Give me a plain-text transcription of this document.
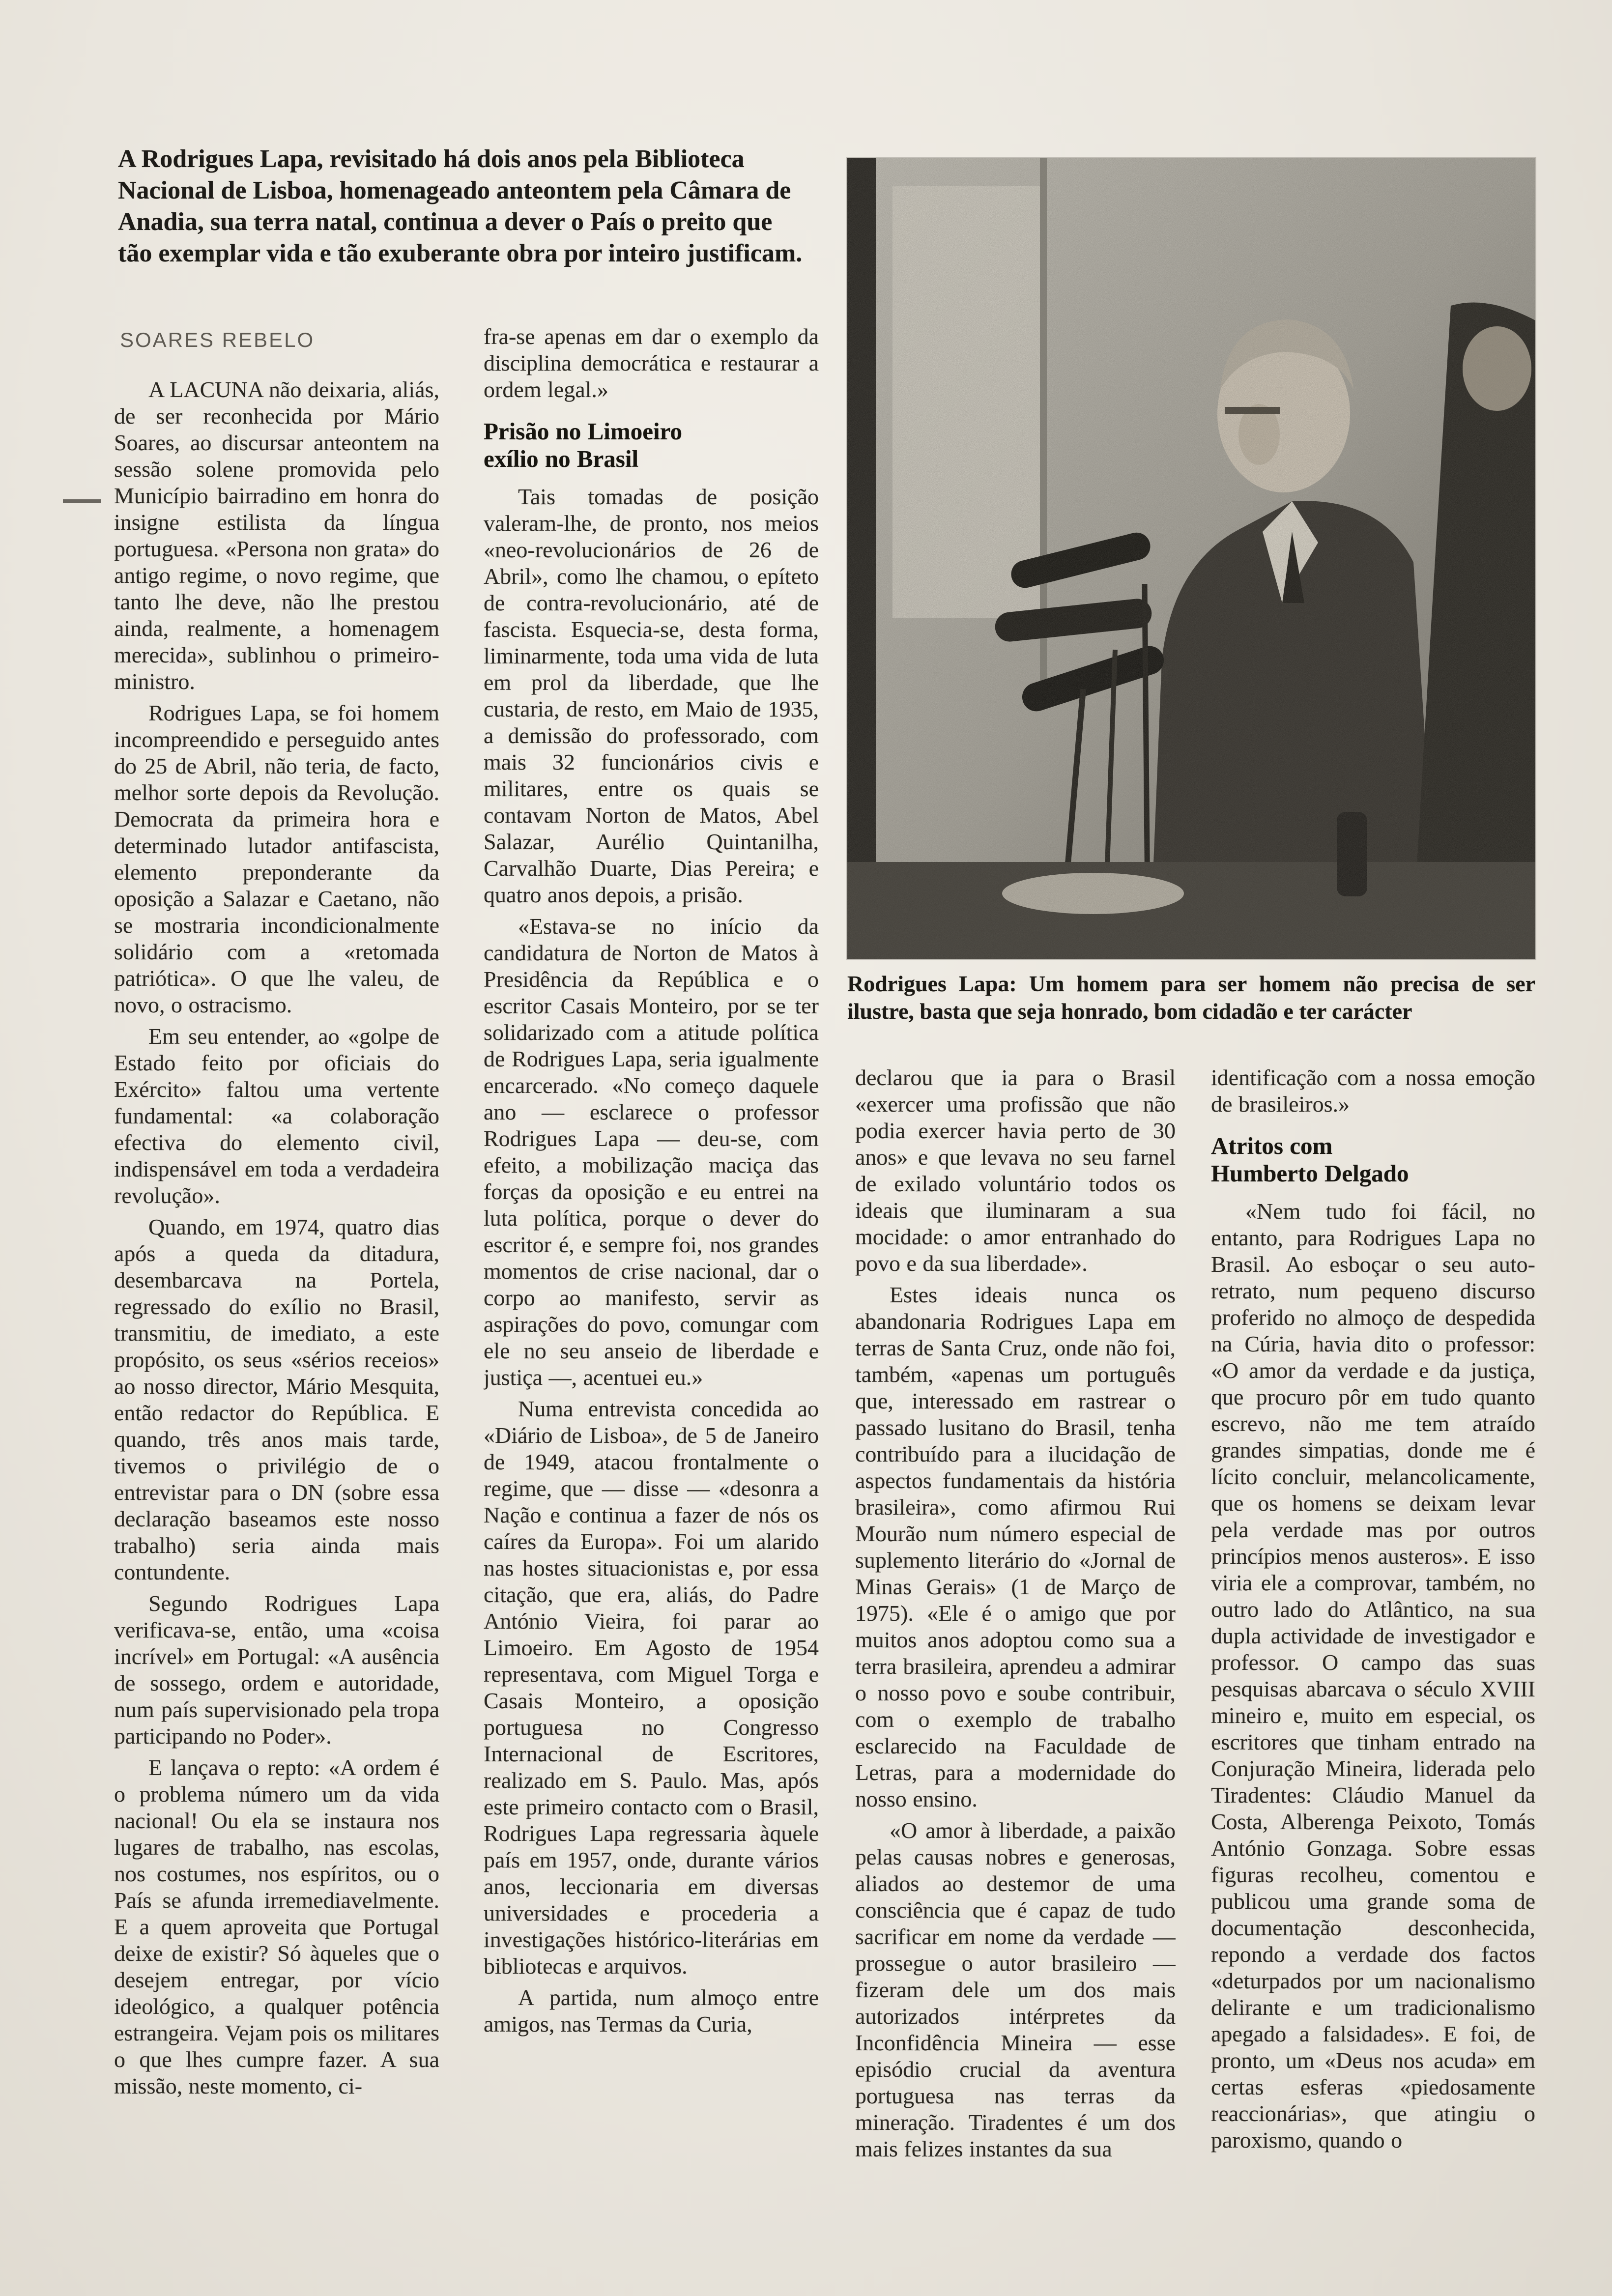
A Rodrigues Lapa, revisitado há dois anos pela Biblioteca Nacional de Lisboa, homenageado anteontem pela Câmara de Anadia, sua terra natal, continua a dever o País o preito que tão exemplar vida e tão exuberante obra por inteiro justificam.

SOARES REBELO

A LACUNA não deixaria, aliás, de ser reconhecida por Mário Soares, ao discursar anteontem na sessão solene promovida pelo Município bairradino em honra do insigne estilista da língua portuguesa. «Persona non grata» do antigo regime, o novo regime, que tanto lhe deve, não lhe prestou ainda, realmente, a homenagem merecida», sublinhou o primeiro-ministro.

Rodrigues Lapa, se foi homem incompreendido e perseguido antes do 25 de Abril, não teria, de facto, melhor sorte depois da Revolução. Democrata da primeira hora e determinado lutador antifascista, elemento preponderante da oposição a Salazar e Caetano, não se mostraria incondicionalmente solidário com a «retomada patriótica». O que lhe valeu, de novo, o ostracismo.

Em seu entender, ao «golpe de Estado feito por oficiais do Exército» faltou uma vertente fundamental: «a colaboração efectiva do elemento civil, indispensável em toda a verdadeira revolução».

Quando, em 1974, quatro dias após a queda da ditadura, desembarcava na Portela, regressado do exílio no Brasil, transmitiu, de imediato, a este propósito, os seus «sérios receios» ao nosso director, Mário Mesquita, então redactor do República. E quando, três anos mais tarde, tivemos o privilégio de o entrevistar para o DN (sobre essa declaração baseamos este nosso trabalho) seria ainda mais contundente.

Segundo Rodrigues Lapa verificava-se, então, uma «coisa incrível» em Portugal: «A ausência de sossego, ordem e autoridade, num país supervisionado pela tropa participando no Poder».

E lançava o repto: «A ordem é o problema número um da vida nacional! Ou ela se instaura nos lugares de trabalho, nas escolas, nos costumes, nos espíritos, ou o País se afunda irremediavelmente. E a quem aproveita que Portugal deixe de existir? Só àqueles que o desejem entregar, por vício ideológico, a qualquer potência estrangeira. Vejam pois os militares o que lhes cumpre fazer. A sua missão, neste momento, ci-

fra-se apenas em dar o exemplo da disciplina democrática e restaurar a ordem legal.»

Prisão no Limoeiro
exílio no Brasil

Tais tomadas de posição valeram-lhe, de pronto, nos meios «neo-revolucionários de 26 de Abril», como lhe chamou, o epíteto de contra-revolucionário, até de fascista. Esquecia-se, desta forma, liminarmente, toda uma vida de luta em prol da liberdade, que lhe custaria, de resto, em Maio de 1935, a demissão do professorado, com mais 32 funcionários civis e militares, entre os quais se contavam Norton de Matos, Abel Salazar, Aurélio Quintanilha, Carvalhão Duarte, Dias Pereira; e quatro anos depois, a prisão.

«Estava-se no início da candidatura de Norton de Matos à Presidência da República e o escritor Casais Monteiro, por se ter solidarizado com a atitude política de Rodrigues Lapa, seria igualmente encarcerado. «No começo daquele ano — esclarece o professor Rodrigues Lapa — deu-se, com efeito, a mobilização maciça das forças da oposição e eu entrei na luta política, porque o dever do escritor é, e sempre foi, nos grandes momentos de crise nacional, dar o corpo ao manifesto, servir as aspirações do povo, comungar com ele no seu anseio de liberdade e justiça —, acentuei eu.»

Numa entrevista concedida ao «Diário de Lisboa», de 5 de Janeiro de 1949, atacou frontalmente o regime, que — disse — «desonra a Nação e continua a fazer de nós os caíres da Europa». Foi um alarido nas hostes situacionistas e, por essa citação, que era, aliás, do Padre António Vieira, foi parar ao Limoeiro. Em Agosto de 1954 representava, com Miguel Torga e Casais Monteiro, a oposição portuguesa no Congresso Internacional de Escritores, realizado em S. Paulo. Mas, após este primeiro contacto com o Brasil, Rodrigues Lapa regressaria àquele país em 1957, onde, durante vários anos, leccionaria em diversas universidades e procederia a investigações histórico-literárias em bibliotecas e arquivos.

A partida, num almoço entre amigos, nas Termas da Curia,

Rodrigues Lapa: Um homem para ser homem não precisa de ser ilustre, basta que seja honrado, bom cidadão e ter carácter

declarou que ia para o Brasil «exercer uma profissão que não podia exercer havia perto de 30 anos» e que levava no seu farnel de exilado voluntário todos os ideais que iluminaram a sua mocidade: o amor entranhado do povo e da sua liberdade».

Estes ideais nunca os abandonaria Rodrigues Lapa em terras de Santa Cruz, onde não foi, também, «apenas um português que, interessado em rastrear o passado lusitano do Brasil, tenha contribuído para a ilucidação de aspectos fundamentais da história brasileira», como afirmou Rui Mourão num número especial de suplemento literário do «Jornal de Minas Gerais» (1 de Março de 1975). «Ele é o amigo que por muitos anos adoptou como sua a terra brasileira, aprendeu a admirar o nosso povo e soube contribuir, com o exemplo de trabalho esclarecido na Faculdade de Letras, para a modernidade do nosso ensino.

«O amor à liberdade, a paixão pelas causas nobres e generosas, aliados ao destemor de uma consciência que é capaz de tudo sacrificar em nome da verdade — prossegue o autor brasileiro — fizeram dele um dos mais autorizados intérpretes da Inconfidência Mineira — esse episódio crucial da aventura portuguesa nas terras da mineração. Tiradentes é um dos mais felizes instantes da sua

identificação com a nossa emoção de brasileiros.»

Atritos com
Humberto Delgado

«Nem tudo foi fácil, no entanto, para Rodrigues Lapa no Brasil. Ao esboçar o seu auto-retrato, num pequeno discurso proferido no almoço de despedida na Cúria, havia dito o professor: «O amor da verdade e da justiça, que procuro pôr em tudo quanto escrevo, não me tem atraído grandes simpatias, donde me é lícito concluir, melancolicamente, que os homens se deixam levar pela verdade mas por outros princípios menos austeros». E isso viria ele a comprovar, também, no outro lado do Atlântico, na sua dupla actividade de investigador e professor. O campo das suas pesquisas abarcava o século XVIII mineiro e, muito em especial, os escritores que tinham entrado na Conjuração Mineira, liderada pelo Tiradentes: Cláudio Manuel da Costa, Alberenga Peixoto, Tomás António Gonzaga. Sobre essas figuras recolheu, comentou e publicou uma grande soma de documentação desconhecida, repondo a verdade dos factos «deturpados por um nacionalismo delirante e um tradicionalismo apegado a falsidades». E foi, de pronto, um «Deus nos acuda» em certas esferas «piedosamente reaccionárias», que atingiu o paroxismo, quando o
